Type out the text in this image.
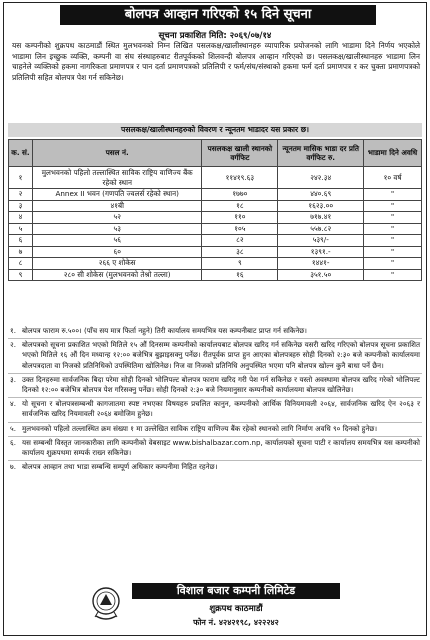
बोलपत्र आव्हान गरिएको १५ दिने सूचना
सूचना प्रकाशित मिति: २०६९/०७/१४
यस कम्पनीको शुक्रपथ काठमाडौं स्थित मुलभवनको निम्न लिखित पसलकक्ष/खालीस्थानहरु व्यापारिक प्रयोजनको लागि भाडामा दिने निर्णय भएकोले भाडामा लिन इच्छुक व्यक्ति, कम्पनी वा संघ संस्थाहरुबाट रीतपूर्वकको शिलवन्दी बोलपत्र आव्हान गरिएको छ। पसलकक्ष/खालीस्थानहरु भाडामा लिन चाहनेले व्यक्तिको हकमा नागरिकता प्रमाणपत्र र पान दर्ता प्रमाणपत्रको प्रतिलिपी र फर्म/संघ/संस्थाको हकमा फर्म दर्ता प्रमाणपत्र र कर चुक्ता प्रमाणपत्रको प्रतिलिपी सहित बोलपत्र पेश गर्न सकिनेछ।
पसलकक्ष/खालीस्थानहरुको विवरण र न्यूनतम भाडादर यस प्रकार छ।
क. सं.	पसल नं.	पसलकक्ष खाली स्थानको वर्गफिट	न्यूनतम मासिक भाडा दर प्रति वर्गफिट रु.	भाडामा दिने अवधि
१	मुलभवनको पहिलो तल्लास्थित साविक राष्ट्रिय वाणिज्य बैंक रहेको स्थान	११४१९.६३	२४२.३४	१० वर्ष
२	Annex II भवन (गणपति ज्वलर्स रहेको स्थान)	१७७०	४४०.६९	"
३	४१बी	१८	१६२३.००	"
४	५२	११०	७१७.४१	"
५	५३	१०५	५५७.८२	"
६	५६	८२	५३९/-	"
७	६०	३८	१३९१.-	"
८	२६६ ए शोकेस	९	१४४१-	"
९	२८० सी शोकेस (मुलभवनको तेश्रो तल्ला)	१६	३५१.५०	"
१. बोलपत्र फाराम रु.५००। (पाँच सय मात्र फिर्ता नहुने) तिरी कार्यालय समयभित्र यस कम्पनीबाट प्राप्त गर्न सकिनेछ।
२. बोलपत्रको सूचना प्रकाशित भएको मितिले १५ औं दिनसम्म कम्पनीको कार्यालयबाट बोलपत्र खरिद गर्न सकिनेछ यसरी खरिद गरिएको बोलपत्र सूचना प्रकाशित भएको मितिले १६ औं दिन मध्यान्ह १२:०० बजेभित्र बुझाइसक्नु पर्नेछ। रीतपूर्वक प्राप्त हुन आएका बोलपत्रहरु सोही दिनको २:३० बजे कम्पनीको कार्यालयमा बोलपत्रदाता वा निजको प्रतिनिधिको उपस्थितिमा खोलिनेछ। निज वा निजको प्रतिनिधि अनुपस्थित भएमा पनि बोलपत्र खोल्न कुनै बाधा पर्ने छैन।
३. उक्त दिनहरुमा सार्वजनिक बिदा परेमा सोही दिनको भोलिपल्ट बोलपत्र फाराम खरिद गरी पेश गर्न सकिनेछ र यस्तो अवस्थामा बोलपत्र खरिद गरेको भोलिपल्ट दिनको १२:०० बजेभित्र बोलपत्र पेश गरिसक्नु पर्नेछ। सोही दिनको २:३० बजे नियमानुसार कम्पनीको कार्यालयमा बोलपत्र खोलिनेछ।
४. यो सूचना र बोलपत्रसम्बन्धी कागजातमा स्पष्ट नभएका विषयहरु प्रचलित कानुन, कम्पनीको आर्थिक विनियमावली २०६४, सार्वजनिक खरिद ऐन २०६३ र सार्वजनिक खरिद नियमावली २०६४ बमोजिम हुनेछ।
५. मुलभवनको पहिलो तल्लास्थित क्रम संख्या १ मा उल्लेखित साविक राष्ट्रिय वाणिज्य बैंक रहेको स्थानको लागि निर्माण अवधि ९० दिनको हुनेछ।
६. यस सम्बन्धी विस्तृत जानकारीका लागि कम्पनीको वेबसाइट www.bishalbazar.com.np, कार्यालयको सूचना पाटी र कार्यालय समयभित्र यस कम्पनीको कार्यालय शुक्रपथमा सम्पर्क राख्न सकिनेछ।
७. बोलपत्र आव्हान तथा भाडा सम्बन्धि सम्पूर्ण अधिकार कम्पनीमा निहित रहनेछ।
विशाल बजार कम्पनी लिमिटेड
शुक्रपथ काठमाडौं
फोन नं. ४२४२१९८, ४२२२४२
